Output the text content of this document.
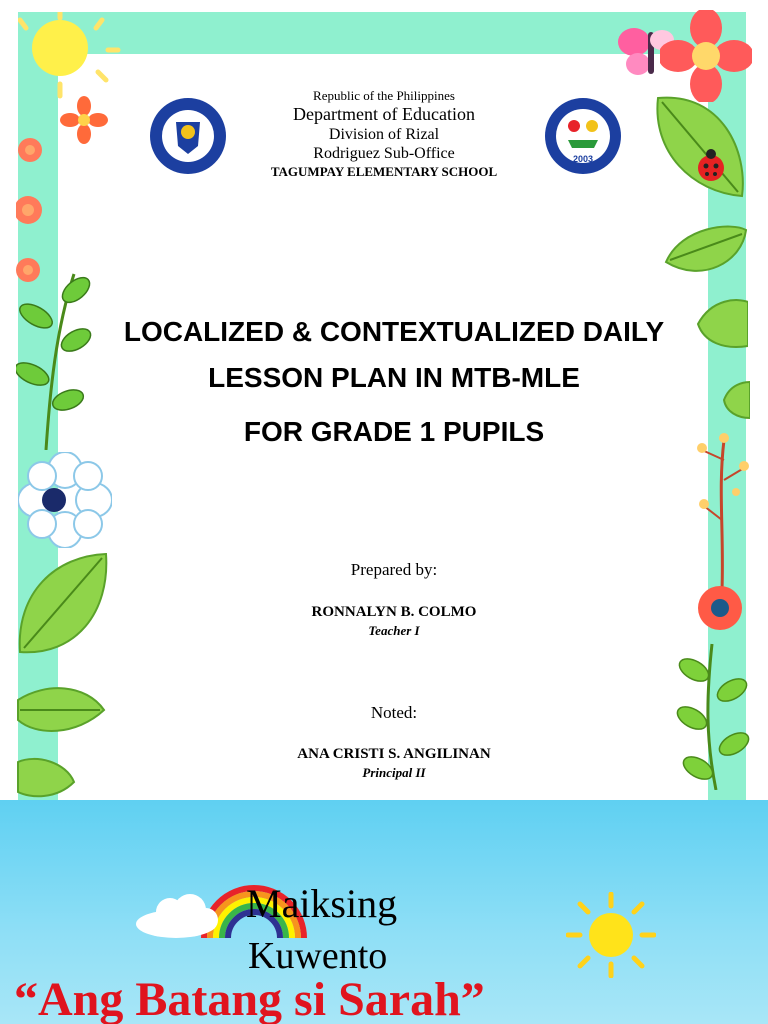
2003
Republic of the Philippines
Department of Education
Division of Rizal
Rodriguez Sub-Office
TAGUMPAY ELEMENTARY SCHOOL
LOCALIZED & CONTEXTUALIZED DAILY
LESSON PLAN IN MTB-MLE
FOR GRADE 1 PUPILS
Prepared by:
RONNALYN B. COLMO
Teacher I
Noted:
ANA CRISTI S. ANGILINAN
Principal II
Maiksing
Kuwento
“Ang Batang si Sarah”
